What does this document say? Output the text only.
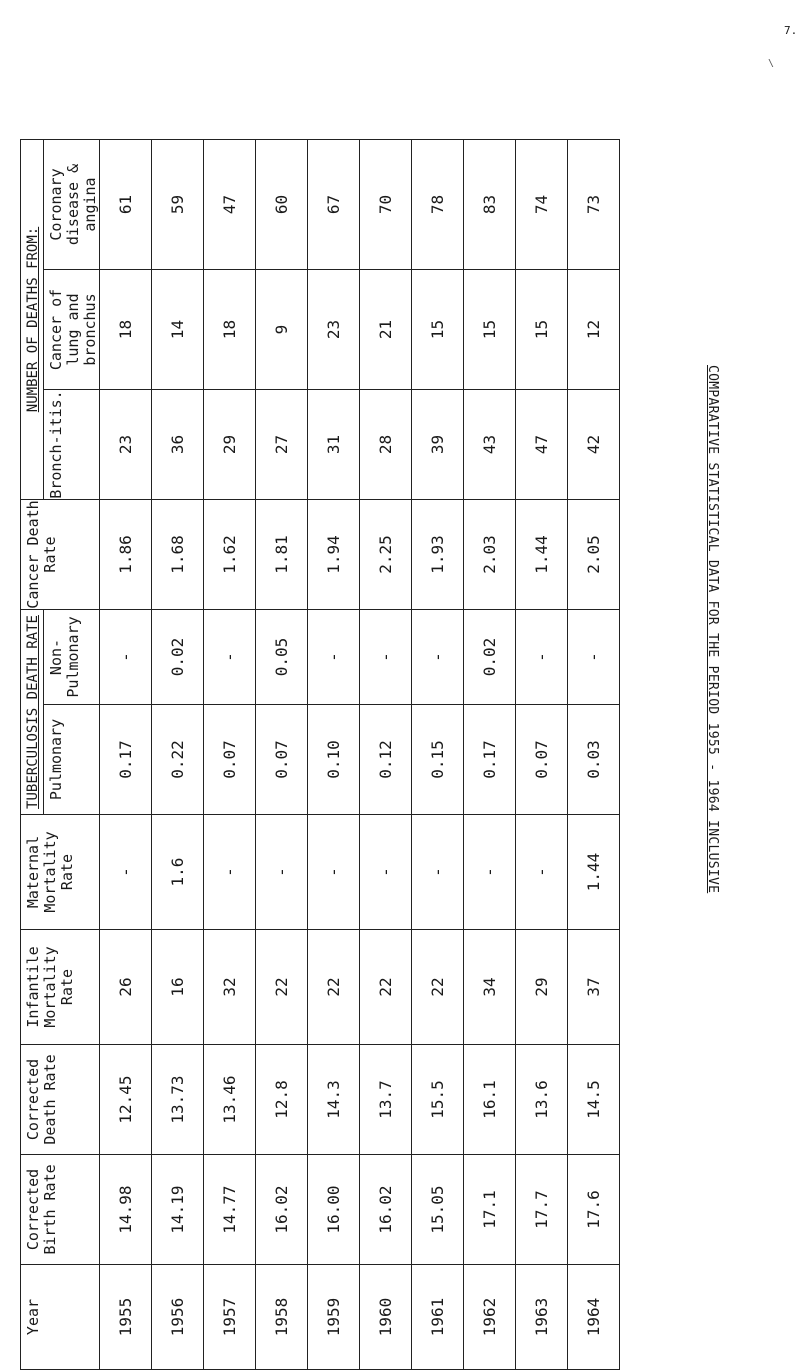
7.
\
COMPARATIVE STATISTICAL DATA FOR THE PERIOD 1955 - 1964 INCLUSIVE
Year	Corrected Birth Rate	Corrected Death Rate	Infantile Mortality Rate	Maternal Mortality Rate	TUBERCULOSIS DEATH RATE		Cancer Death Rate	NUMBER OF DEATHS FROM:		
					Pulmonary	Non-Pulmonary		Bronch-itis.	Cancer of lung and bronchus	Coronary disease & angina
1955	14.98	12.45	26	-	0.17	-	1.86	23	18	61
1956	14.19	13.73	16	1.6	0.22	0.02	1.68	36	14	59
1957	14.77	13.46	32	-	0.07	-	1.62	29	18	47
1958	16.02	12.8	22	-	0.07	0.05	1.81	27	9	60
1959	16.00	14.3	22	-	0.10	-	1.94	31	23	67
1960	16.02	13.7	22	-	0.12	-	2.25	28	21	70
1961	15.05	15.5	22	-	0.15	-	1.93	39	15	78
1962	17.1	16.1	34	-	0.17	0.02	2.03	43	15	83
1963	17.7	13.6	29	-	0.07	-	1.44	47	15	74
1964	17.6	14.5	37	1.44	0.03	-	2.05	42	12	73
